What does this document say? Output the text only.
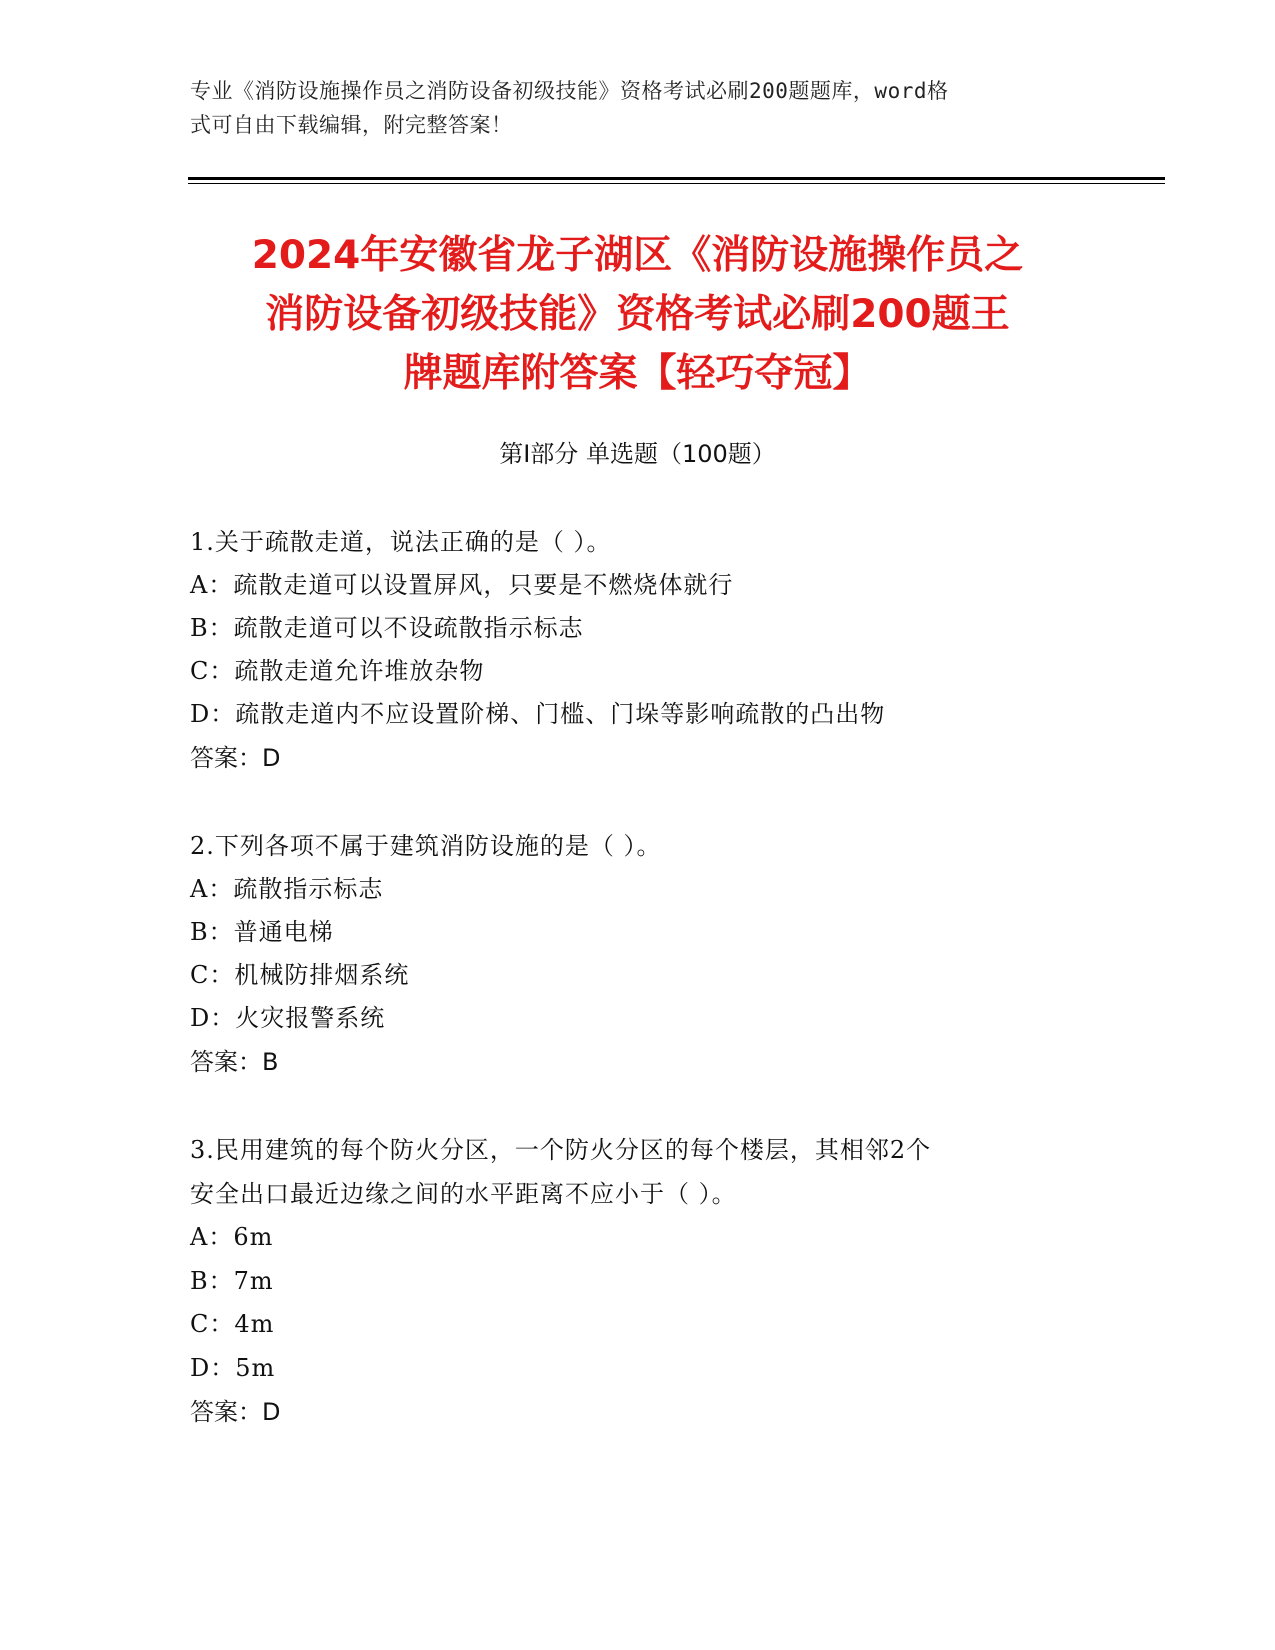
专业《消防设施操作员之消防设备初级技能》资格考试必刷200题题库，word格
式可自由下载编辑，附完整答案！
2024年安徽省龙子湖区《消防设施操作员之
消防设备初级技能》资格考试必刷200题王
牌题库附答案【轻巧夺冠】
第Ⅰ部分 单选题（100题）
1.关于疏散走道，说法正确的是（ ）。
A：疏散走道可以设置屏风，只要是不燃烧体就行
B：疏散走道可以不设疏散指示标志
C：疏散走道允许堆放杂物
D：疏散走道内不应设置阶梯、门槛、门垛等影响疏散的凸出物
答案：D
2.下列各项不属于建筑消防设施的是（ ）。
A：疏散指示标志
B：普通电梯
C：机械防排烟系统
D：火灾报警系统
答案：B
3.民用建筑的每个防火分区，一个防火分区的每个楼层，其相邻2个
安全出口最近边缘之间的水平距离不应小于（ ）。
A：6m
B：7m
C：4m
D：5m
答案：D
